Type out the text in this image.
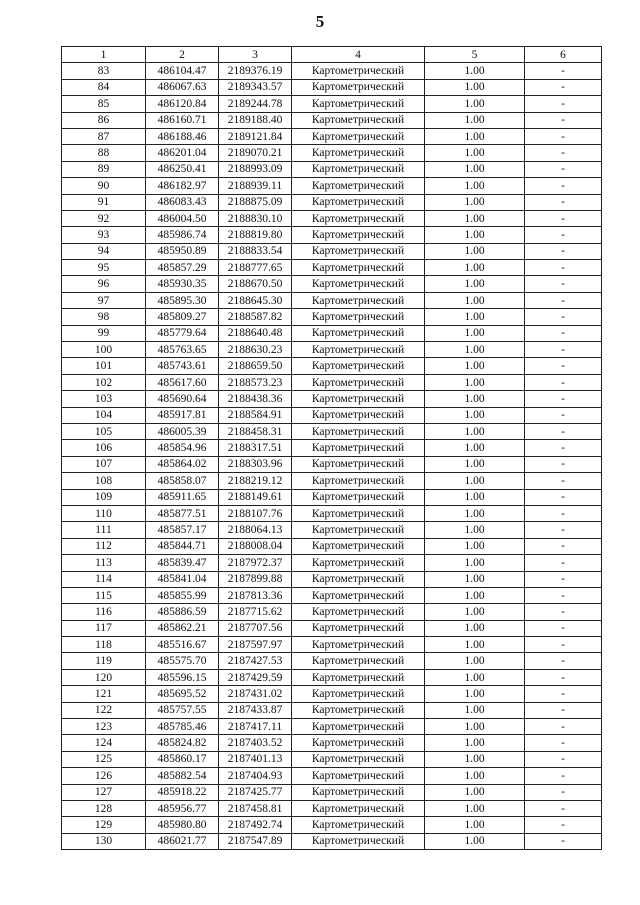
5
1	2	3	4	5	6
83	486104.47	2189376.19	Картометрический	1.00	-
84	486067.63	2189343.57	Картометрический	1.00	-
85	486120.84	2189244.78	Картометрический	1.00	-
86	486160.71	2189188.40	Картометрический	1.00	-
87	486188.46	2189121.84	Картометрический	1.00	-
88	486201.04	2189070.21	Картометрический	1.00	-
89	486250.41	2188993.09	Картометрический	1.00	-
90	486182.97	2188939.11	Картометрический	1.00	-
91	486083.43	2188875.09	Картометрический	1.00	-
92	486004.50	2188830.10	Картометрический	1.00	-
93	485986.74	2188819.80	Картометрический	1.00	-
94	485950.89	2188833.54	Картометрический	1.00	-
95	485857.29	2188777.65	Картометрический	1.00	-
96	485930.35	2188670.50	Картометрический	1.00	-
97	485895.30	2188645.30	Картометрический	1.00	-
98	485809.27	2188587.82	Картометрический	1.00	-
99	485779.64	2188640.48	Картометрический	1.00	-
100	485763.65	2188630.23	Картометрический	1.00	-
101	485743.61	2188659.50	Картометрический	1.00	-
102	485617.60	2188573.23	Картометрический	1.00	-
103	485690.64	2188438.36	Картометрический	1.00	-
104	485917.81	2188584.91	Картометрический	1.00	-
105	486005.39	2188458.31	Картометрический	1.00	-
106	485854.96	2188317.51	Картометрический	1.00	-
107	485864.02	2188303.96	Картометрический	1.00	-
108	485858.07	2188219.12	Картометрический	1.00	-
109	485911.65	2188149.61	Картометрический	1.00	-
110	485877.51	2188107.76	Картометрический	1.00	-
111	485857.17	2188064.13	Картометрический	1.00	-
112	485844.71	2188008.04	Картометрический	1.00	-
113	485839.47	2187972.37	Картометрический	1.00	-
114	485841.04	2187899.88	Картометрический	1.00	-
115	485855.99	2187813.36	Картометрический	1.00	-
116	485886.59	2187715.62	Картометрический	1.00	-
117	485862.21	2187707.56	Картометрический	1.00	-
118	485516.67	2187597.97	Картометрический	1.00	-
119	485575.70	2187427.53	Картометрический	1.00	-
120	485596.15	2187429.59	Картометрический	1.00	-
121	485695.52	2187431.02	Картометрический	1.00	-
122	485757.55	2187433.87	Картометрический	1.00	-
123	485785.46	2187417.11	Картометрический	1.00	-
124	485824.82	2187403.52	Картометрический	1.00	-
125	485860.17	2187401.13	Картометрический	1.00	-
126	485882.54	2187404.93	Картометрический	1.00	-
127	485918.22	2187425.77	Картометрический	1.00	-
128	485956.77	2187458.81	Картометрический	1.00	-
129	485980.80	2187492.74	Картометрический	1.00	-
130	486021.77	2187547.89	Картометрический	1.00	-
